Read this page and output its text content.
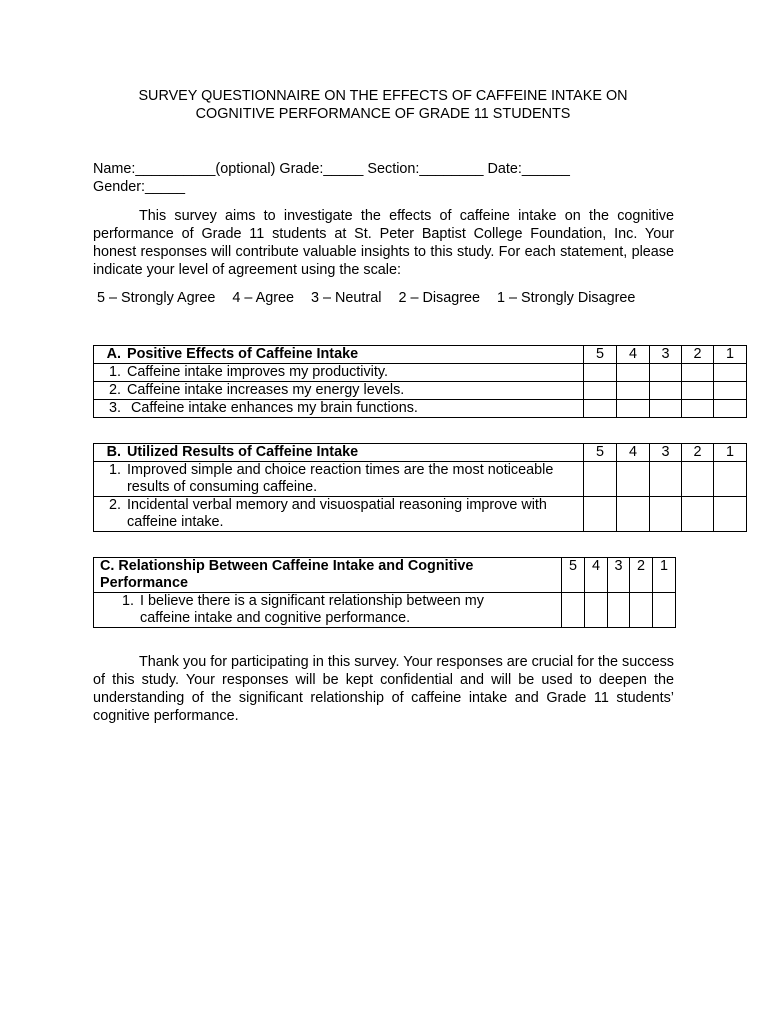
SURVEY QUESTIONNAIRE ON THE EFFECTS OF CAFFEINE INTAKE ON
COGNITIVE PERFORMANCE OF GRADE 11 STUDENTS
Name:__________(optional) Grade:_____ Section:________ Date:______
Gender:_____
This survey aims to investigate the effects of caffeine intake on the cognitive performance of Grade 11 students at St. Peter Baptist College Foundation, Inc. Your honest responses will contribute valuable insights to this study. For each statement, please indicate your level of agreement using the scale:
5 – Strongly Agree 4 – Agree 3 – Neutral 2 – Disagree 1 – Strongly Disagree
A. Positive Effects of Caffeine Intake	5	4	3	2	1

1. Caffeine intake improves my productivity.					

2. Caffeine intake increases my energy levels.					

3. Caffeine intake enhances my brain functions.					

B. Utilized Results of Caffeine Intake	5	4	3	2	1

1. Improved simple and choice reaction times are the most noticeable results of consuming caffeine.					

2. Incidental verbal memory and visuospatial reasoning improve with caffeine intake.					

C. Relationship Between Caffeine Intake and Cognitive Performance	5	4	3	2	1

1. I believe there is a significant relationship between my caffeine intake and cognitive performance.					

Thank you for participating in this survey. Your responses are crucial for the success of this study. Your responses will be kept confidential and will be used to deepen the understanding of the significant relationship of caffeine intake and Grade 11 students’ cognitive performance.
